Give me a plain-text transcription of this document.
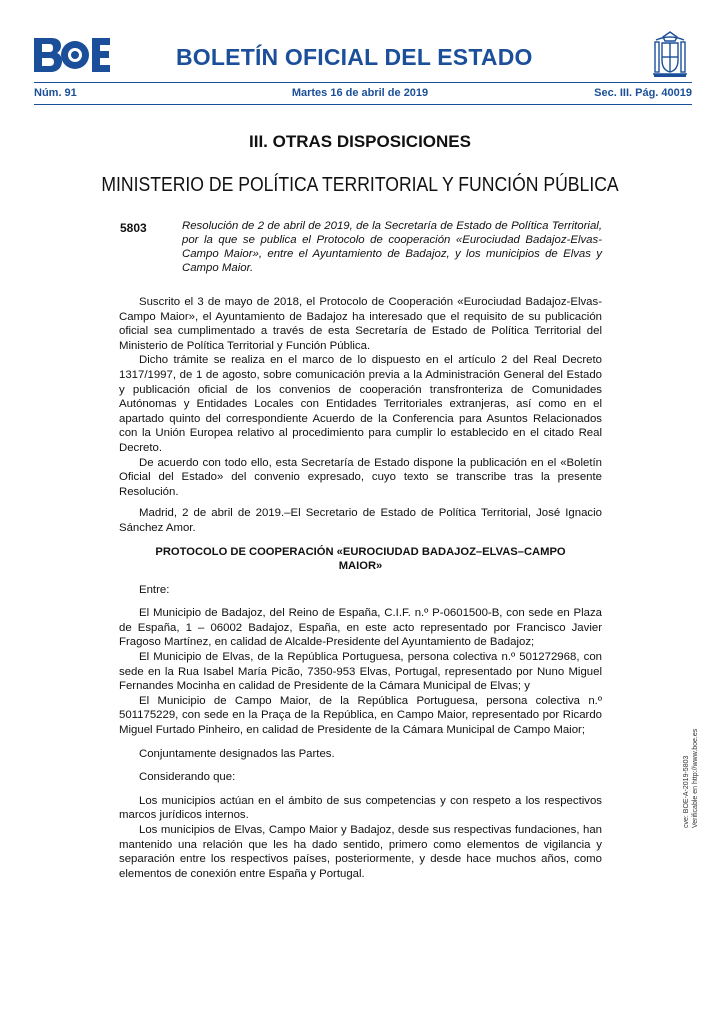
BOLETÍN OFICIAL DEL ESTADO
Núm. 91	Martes 16 de abril de 2019	Sec. III. Pág. 40019
III. OTRAS DISPOSICIONES
MINISTERIO DE POLÍTICA TERRITORIAL Y FUNCIÓN PÚBLICA
5803	Resolución de 2 de abril de 2019, de la Secretaría de Estado de Política Territorial, por la que se publica el Protocolo de cooperación «Eurociudad Badajoz-Elvas-Campo Maior», entre el Ayuntamiento de Badajoz, y los municipios de Elvas y Campo Maior.

Suscrito el 3 de mayo de 2018, el Protocolo de Cooperación «Eurociudad Badajoz-Elvas-Campo Maior», el Ayuntamiento de Badajoz ha interesado que el requisito de su publicación oficial sea cumplimentado a través de esta Secretaría de Estado de Política Territorial del Ministerio de Política Territorial y Función Pública.

Dicho trámite se realiza en el marco de lo dispuesto en el artículo 2 del Real Decreto 1317/1997, de 1 de agosto, sobre comunicación previa a la Administración General del Estado y publicación oficial de los convenios de cooperación transfronteriza de Comunidades Autónomas y Entidades Locales con Entidades Territoriales extranjeras, así como en el apartado quinto del correspondiente Acuerdo de la Conferencia para Asuntos Relacionados con la Unión Europea relativo al procedimiento para cumplir lo establecido en el citado Real Decreto.

De acuerdo con todo ello, esta Secretaría de Estado dispone la publicación en el «Boletín Oficial del Estado» del convenio expresado, cuyo texto se transcribe tras la presente Resolución.

Madrid, 2 de abril de 2019.–El Secretario de Estado de Política Territorial, José Ignacio Sánchez Amor.

PROTOCOLO DE COOPERACIÓN «EUROCIUDAD BADAJOZ–ELVAS–CAMPO MAIOR»

Entre:

El Municipio de Badajoz, del Reino de España, C.I.F. n.º P-0601500-B, con sede en Plaza de España, 1 – 06002 Badajoz, España, en este acto representado por Francisco Javier Fragoso Martínez, en calidad de Alcalde-Presidente del Ayuntamiento de Badajoz;

El Municipio de Elvas, de la República Portuguesa, persona colectiva n.º 501272968, con sede en la Rua Isabel María Picão, 7350-953 Elvas, Portugal, representado por Nuno Miguel Fernandes Mocinha en calidad de Presidente de la Cámara Municipal de Elvas; y

El Municipio de Campo Maior, de la República Portuguesa, persona colectiva n.º 501175229, con sede en la Praça de la República, en Campo Maior, representado por Ricardo Miguel Furtado Pinheiro, en calidad de Presidente de la Cámara Municipal de Campo Maior;

Conjuntamente designados las Partes.

Considerando que:

Los municipios actúan en el ámbito de sus competencias y con respeto a los respectivos marcos jurídicos internos.

Los municipios de Elvas, Campo Maior y Badajoz, desde sus respectivas fundaciones, han mantenido una relación que les ha dado sentido, primero como elementos de vigilancia y separación entre los respectivos países, posteriormente, y desde hace muchos años, como elementos de conexión entre España y Portugal.

cve: BOE-A-2019-5803 Verificable en http://www.boe.es
